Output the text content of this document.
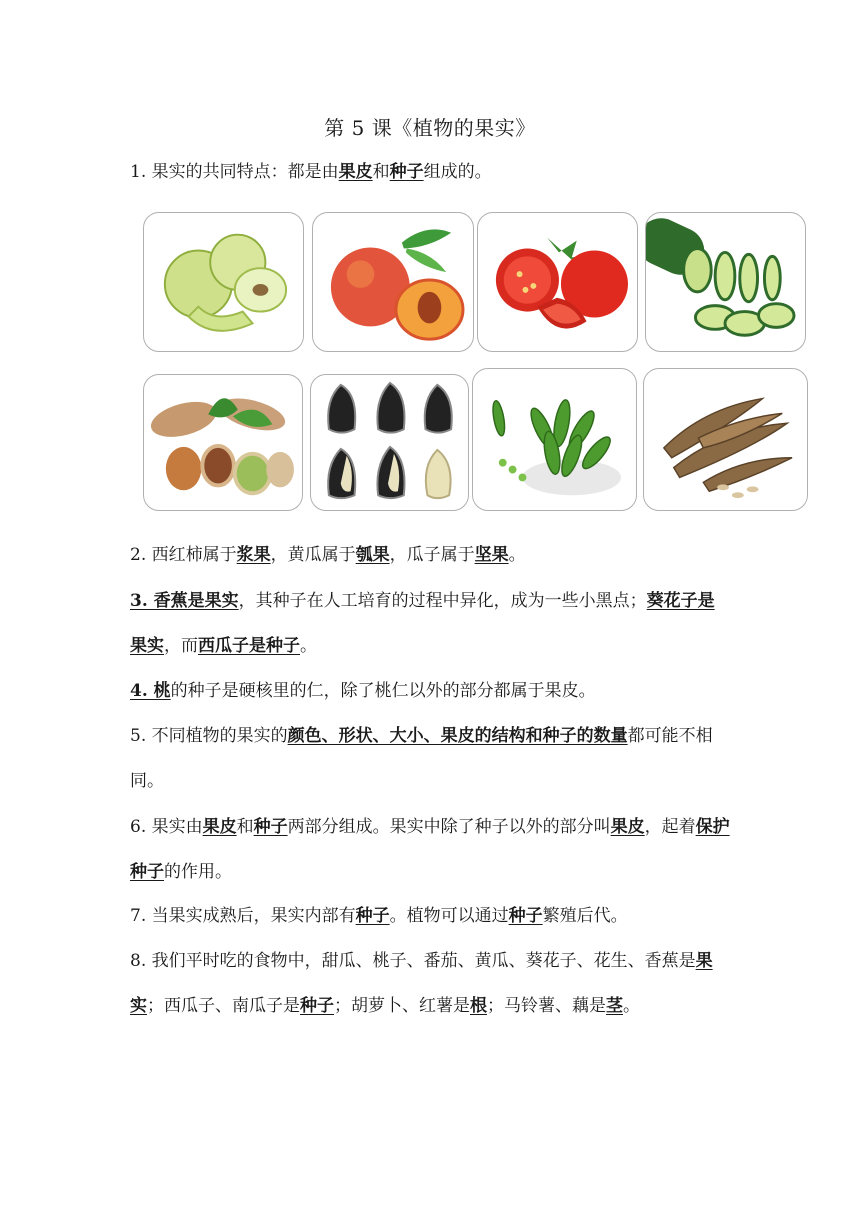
第 5 课《植物的果实》
1. 果实的共同特点：都是由果皮和种子组成的。
2. 西红柿属于浆果，黄瓜属于瓠果，瓜子属于坚果。
3. 香蕉是果实，其种子在人工培育的过程中异化，成为一些小黑点；葵花子是果实，而西瓜子是种子。
4. 桃的种子是硬核里的仁，除了桃仁以外的部分都属于果皮。
5. 不同植物的果实的颜色、形状、大小、果皮的结构和种子的数量都可能不相同。
6. 果实由果皮和种子两部分组成。果实中除了种子以外的部分叫果皮，起着保护种子的作用。
7. 当果实成熟后，果实内部有种子。植物可以通过种子繁殖后代。
8. 我们平时吃的食物中，甜瓜、桃子、番茄、黄瓜、葵花子、花生、香蕉是果实；西瓜子、南瓜子是种子；胡萝卜、红薯是根；马铃薯、藕是茎。
